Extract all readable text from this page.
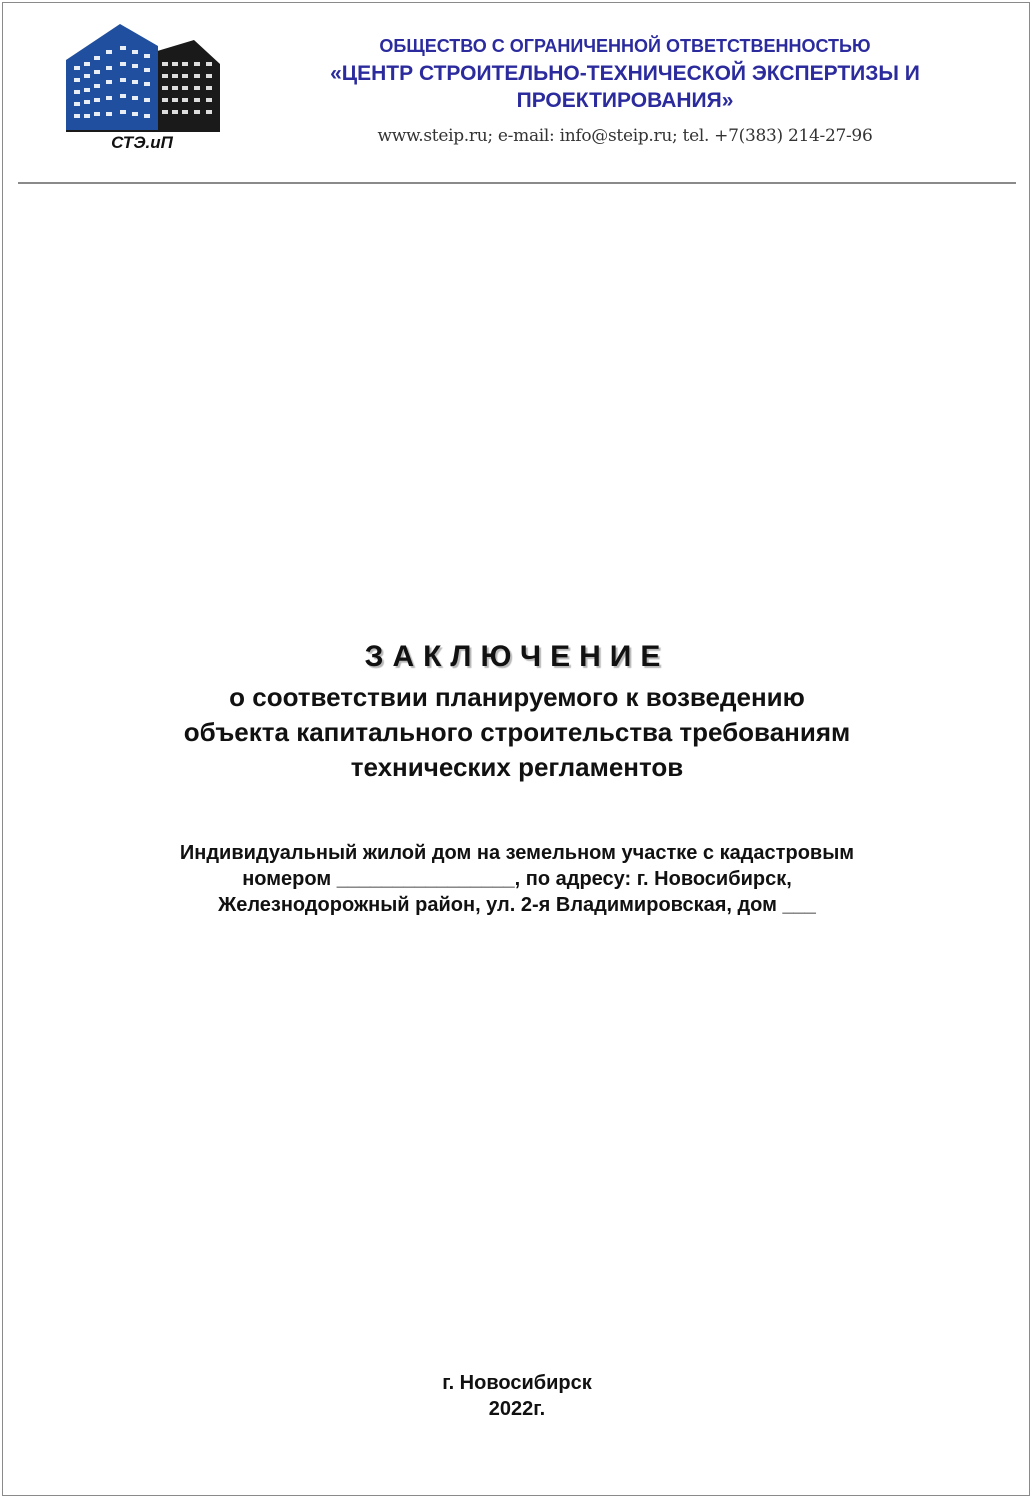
СТЭ.иП
ОБЩЕСТВО С ОГРАНИЧЕННОЙ ОТВЕТСТВЕННОСТЬЮ
«ЦЕНТР СТРОИТЕЛЬНО-ТЕХНИЧЕСКОЙ ЭКСПЕРТИЗЫ И ПРОЕКТИРОВАНИЯ»
www.steip.ru; e-mail: info@steip.ru; tel. +7(383) 214-27-96
ЗАКЛЮЧЕНИЕ
о соответствии планируемого к возведению
объекта капитального строительства требованиям
технических регламентов
Индивидуальный жилой дом на земельном участке с кадастровым
номером ________________, по адресу: г. Новосибирск,
Железнодорожный район, ул. 2-я Владимировская, дом ___
г. Новосибирск
2022г.
